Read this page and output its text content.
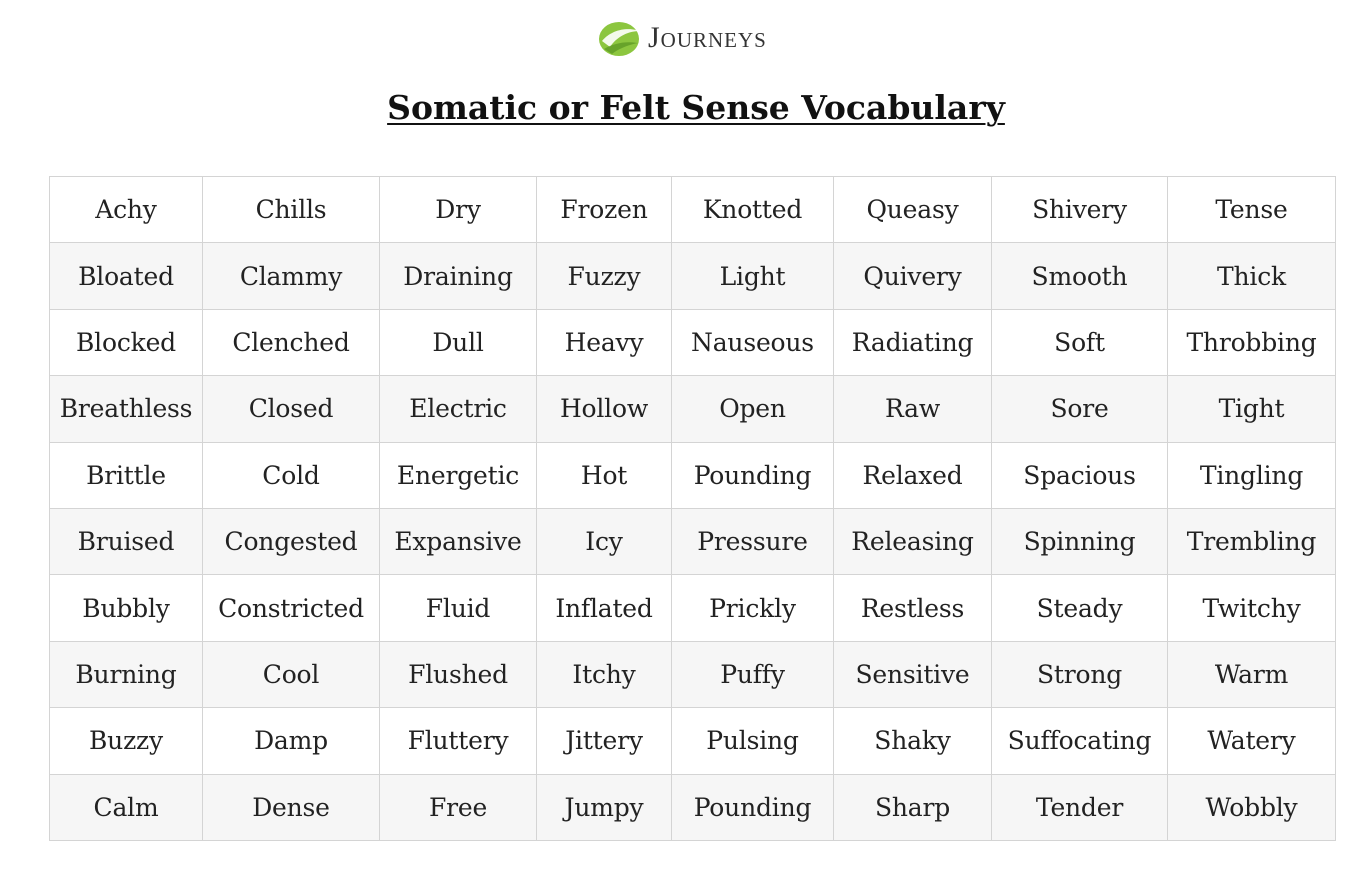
Journeys
Somatic or Felt Sense Vocabulary
Achy	Chills	Dry	Frozen	Knotted	Queasy	Shivery	Tense
Bloated	Clammy	Draining	Fuzzy	Light	Quivery	Smooth	Thick
Blocked	Clenched	Dull	Heavy	Nauseous	Radiating	Soft	Throbbing
Breathless	Closed	Electric	Hollow	Open	Raw	Sore	Tight
Brittle	Cold	Energetic	Hot	Pounding	Relaxed	Spacious	Tingling
Bruised	Congested	Expansive	Icy	Pressure	Releasing	Spinning	Trembling
Bubbly	Constricted	Fluid	Inflated	Prickly	Restless	Steady	Twitchy
Burning	Cool	Flushed	Itchy	Puffy	Sensitive	Strong	Warm
Buzzy	Damp	Fluttery	Jittery	Pulsing	Shaky	Suffocating	Watery
Calm	Dense	Free	Jumpy	Pounding	Sharp	Tender	Wobbly
